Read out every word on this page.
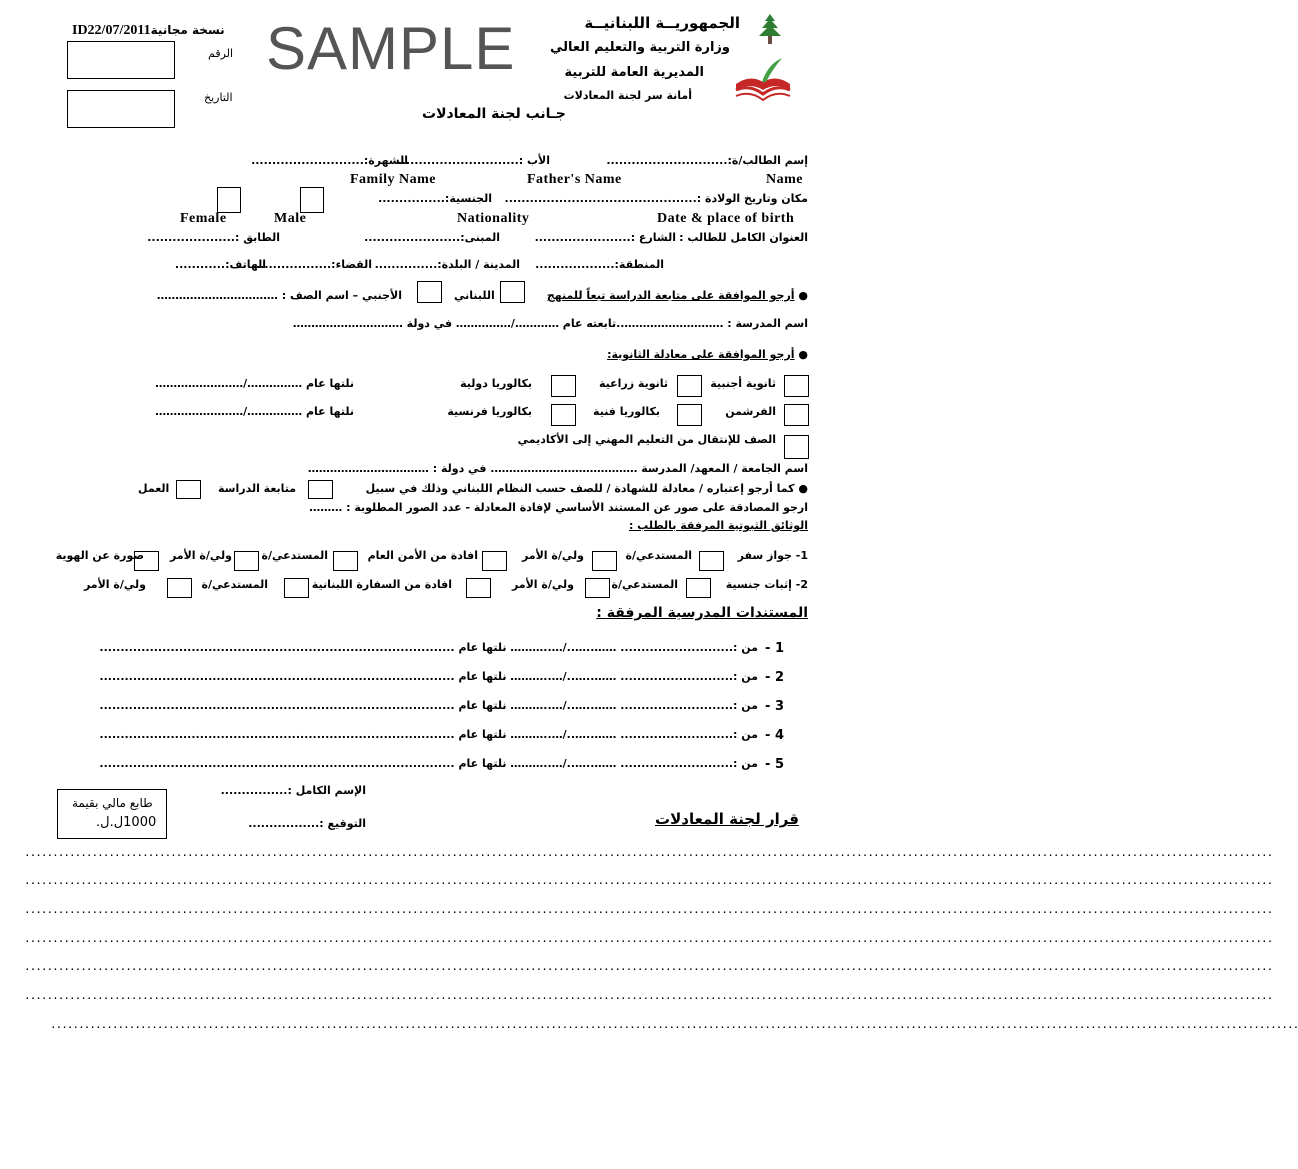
SAMPLE	الجمهوريــة اللبنانيــة
وزارة التربية والتعليم العالي
المديرية العامة للتربية
أمانة سر لجنة المعادلات
ID22/07/2011نسخة مجانية
الرقم
التاريخ
جـانب لجنة المعادلات
إسم الطالب/ة:.............................
الأب :.............................
الشهرة:...........................
Family Name	Father's Name	Name
مكان وتاريخ الولادة :..............................................
الجنسية:................
Female	Male	Nationality	Date & place of birth
العنوان الكامل للطالب :
الشارع :.......................
المبنى:.......................
الطابق :.....................
المنطقة:...................
المدينة / البلدة:...............
القضاء:...................
الهاتف:............
● أرجو الموافقة على متابعة الدراسة تبعاً للمنهج
اللبناني
الأجنبي – اسم الصف : ……………………………
اسم المدرسة : ………………………..تابعته عام …………/…………… في دولة …………………………
● أرجو الموافقة على معادلة الثانوية:
ثانوية أجنبية
ثانوية زراعية
بكالوريا دولية
نلتها عام ……………/……………………
الفرشمن
بكالوريا فنية
بكالوريا فرنسية
نلتها عام ……………/……………………
الصف للإنتقال من التعليم المهني إلى الأكاديمي
اسم الجامعة / المعهد/ المدرسة …………………………………. في دولة : ……………………………
● كما أرجو إعتباره / معادلة للشهادة / للصف حسب النظام اللبناني وذلك في سبيل
متابعة الدراسة
العمل
ارجو المصادقة على صور عن المستند الأساسي لإفادة المعادلة - عدد الصور المطلوبة : ………
الوثائق الثبوتية المرفقة بالطلب :
1- جواز سفر
المستدعي/ة
ولي/ة الأمر
افادة من الأمن العام
المستدعي/ة
ولي/ة الأمر
صورة عن الهوية
2- إثبات جنسية
المستدعي/ة
ولي/ة الأمر
افادة من السفارة اللبنانية
المستدعي/ة
ولي/ة الأمر
المستندات المدرسية المرفقة :
1 -
من :........................... ……..…../…..……… نلتها عام .....................................................................................
2 -
من :........................... ……..…../…..……… نلتها عام .....................................................................................
3 -
من :........................... ……..…../…..……… نلتها عام .....................................................................................
4 -
من :........................... ……..…../…..……… نلتها عام .....................................................................................
5 -
من :........................... ……..…../…..……… نلتها عام .....................................................................................
الإسم الكامل :................
التوقيع :.................
طابع مالي بقيمة
1000ل.ل.	قرار لجنة المعادلات
..............................................................................................................................................................................................................................
..............................................................................................................................................................................................................................
..............................................................................................................................................................................................................................
..............................................................................................................................................................................................................................
..............................................................................................................................................................................................................................
..............................................................................................................................................................................................................................
..............................................................................................................................................................................................................................
